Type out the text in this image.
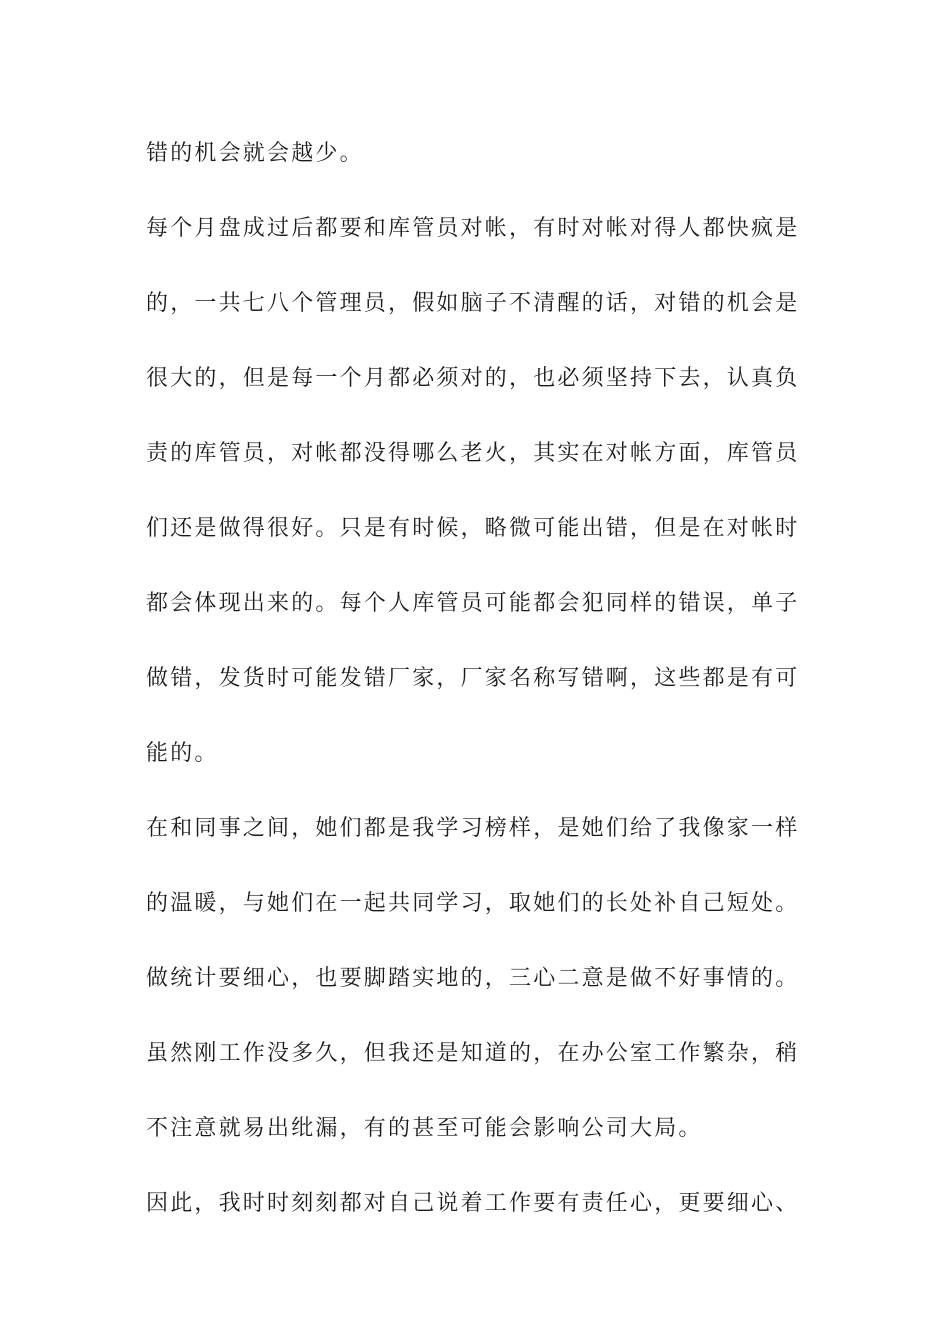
错的机会就会越少。
每个月盘成过后都要和库管员对帐，有时对帐对得人都快疯是
的，一共七八个管理员，假如脑子不清醒的话，对错的机会是
很大的，但是每一个月都必须对的，也必须坚持下去，认真负
责的库管员，对帐都没得哪么老火，其实在对帐方面，库管员
们还是做得很好。只是有时候，略微可能出错，但是在对帐时
都会体现出来的。每个人库管员可能都会犯同样的错误，单子
做错，发货时可能发错厂家，厂家名称写错啊，这些都是有可
能的。
在和同事之间，她们都是我学习榜样，是她们给了我像家一样
的温暖，与她们在一起共同学习，取她们的长处补自己短处。
做统计要细心，也要脚踏实地的，三心二意是做不好事情的。
虽然刚工作没多久，但我还是知道的，在办公室工作繁杂，稍
不注意就易出纰漏，有的甚至可能会影响公司大局。
因此，我时时刻刻都对自己说着工作要有责任心，更要细心、
